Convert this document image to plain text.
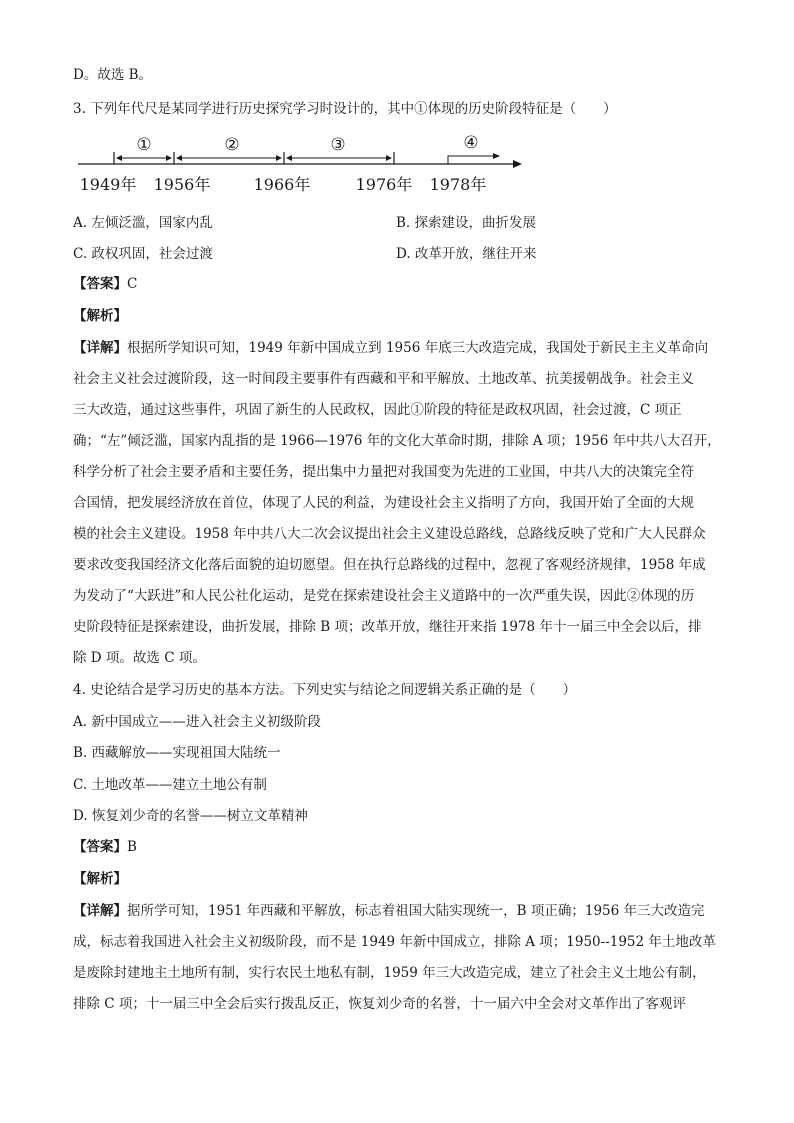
D。故选 B。
3. 下列年代尺是某同学进行历史探究学习时设计的，其中①体现的历史阶段特征是（　　）
①	②	③	④
1949年 1956年	1966年	1976年 1978年
A. 左倾泛滥，国家内乱	B. 探索建设，曲折发展
C. 政权巩固，社会过渡	D. 改革开放，继往开来
【答案】C
【解析】
【详解】根据所学知识可知，1949 年新中国成立到 1956 年底三大改造完成，我国处于新民主主义革命向
社会主义社会过渡阶段，这一时间段主要事件有西藏和平和平解放、土地改革、抗美援朝战争。社会主义
三大改造，通过这些事件，巩固了新生的人民政权，因此①阶段的特征是政权巩固，社会过渡，C 项正
确；“左”倾泛滥，国家内乱指的是 1966—1976 年的文化大革命时期，排除 A 项；1956 年中共八大召开，
科学分析了社会主要矛盾和主要任务，提出集中力量把对我国变为先进的工业国，中共八大的决策完全符
合国情，把发展经济放在首位，体现了人民的利益，为建设社会主义指明了方向，我国开始了全面的大规
模的社会主义建设。1958 年中共八大二次会议提出社会主义建设总路线，总路线反映了党和广大人民群众
要求改变我国经济文化落后面貌的迫切愿望。但在执行总路线的过程中，忽视了客观经济规律，1958 年成
为发动了“大跃进”和人民公社化运动，是党在探索建设社会主义道路中的一次严重失误，因此②体现的历
史阶段特征是探索建设，曲折发展，排除 B 项；改革开放，继往开来指 1978 年十一届三中全会以后，排
除 D 项。故选 C 项。
4. 史论结合是学习历史的基本方法。下列史实与结论之间逻辑关系正确的是（　　）
A. 新中国成立——进入社会主义初级阶段
B. 西藏解放——实现祖国大陆统一
C. 土地改革——建立土地公有制
D. 恢复刘少奇的名誉——树立文革精神
【答案】B
【解析】
【详解】据所学可知，1951 年西藏和平解放，标志着祖国大陆实现统一，B 项正确；1956 年三大改造完
成，标志着我国进入社会主义初级阶段，而不是 1949 年新中国成立，排除 A 项；1950--1952 年土地改革
是废除封建地主土地所有制，实行农民土地私有制，1959 年三大改造完成，建立了社会主义土地公有制，
排除 C 项；十一届三中全会后实行拨乱反正，恢复刘少奇的名誉，十一届六中全会对文革作出了客观评
